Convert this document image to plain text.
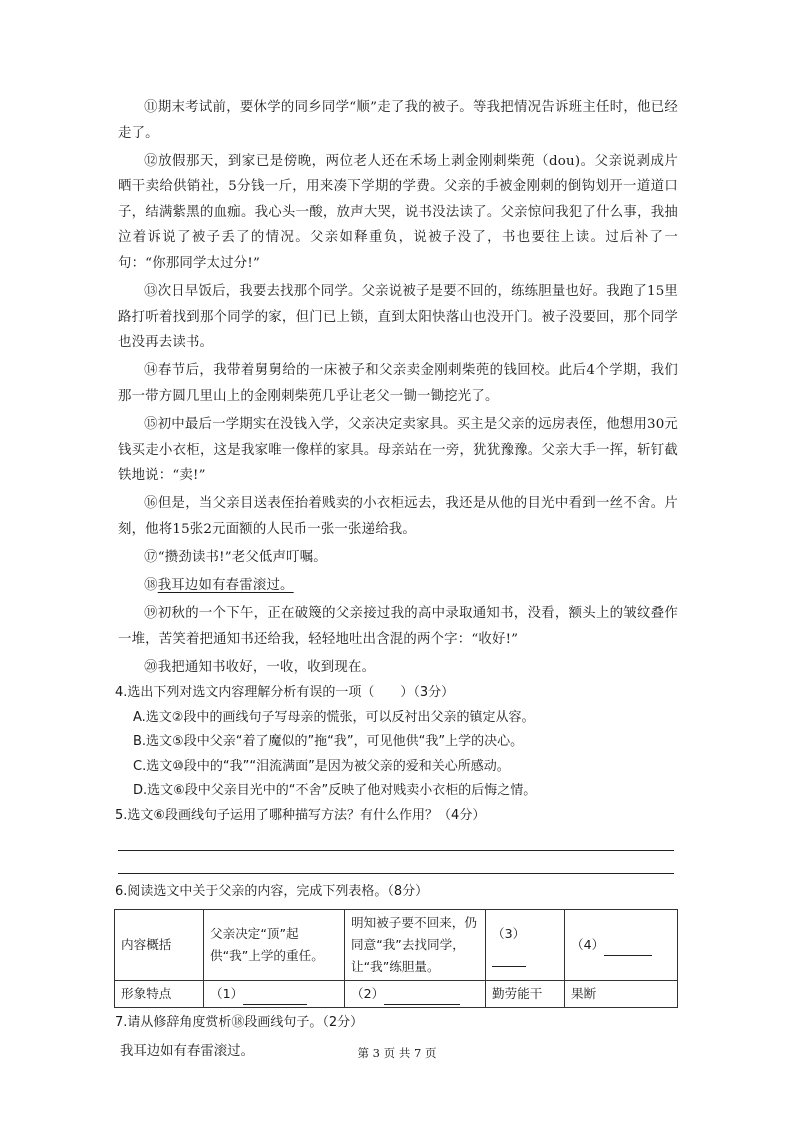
⑪期末考试前，要休学的同乡同学“顺”走了我的被子。等我把情况告诉班主任时，他已经走了。

⑫放假那天，到家已是傍晚，两位老人还在禾场上剥金刚刺柴蔸（dou)。父亲说剥成片晒干卖给供销社，5分钱一斤，用来凑下学期的学费。父亲的手被金刚刺的倒钩划开一道道口子，结满紫黑的血痂。我心头一酸，放声大哭，说书没法读了。父亲惊问我犯了什么事，我抽泣着诉说了被子丢了的情况。父亲如释重负，说被子没了，书也要往上读。过后补了一句：“你那同学太过分!”

⑬次日早饭后，我要去找那个同学。父亲说被子是要不回的，练练胆量也好。我跑了15里路打听着找到那个同学的家，但门已上锁，直到太阳快落山也没开门。被子没要回，那个同学也没再去读书。

⑭春节后，我带着舅舅给的一床被子和父亲卖金刚刺柴蔸的钱回校。此后4个学期，我们那一带方圆几里山上的金刚刺柴蔸几乎让老父一锄一锄挖光了。

⑮初中最后一学期实在没钱入学，父亲决定卖家具。买主是父亲的远房表侄，他想用30元钱买走小衣柜，这是我家唯一像样的家具。母亲站在一旁，犹犹豫豫。父亲大手一挥，斩钉截铁地说：“卖!”

⑯但是，当父亲目送表侄抬着贱卖的小衣柜远去，我还是从他的目光中看到一丝不舍。片刻，他将15张2元面额的人民币一张一张递给我。

⑰“攒劲读书!”老父低声叮嘱。

⑱我耳边如有春雷滚过。

⑲初秋的一个下午，正在破篾的父亲接过我的高中录取通知书，没看，额头上的皱纹叠作一堆，苦笑着把通知书还给我，轻轻地吐出含混的两个字：“收好!”

⑳我把通知书收好，一收，收到现在。

4.选出下列对选文内容理解分析有误的一项（　　）（3分）

A.选文②段中的画线句子写母亲的慌张，可以反衬出父亲的镇定从容。

B.选文⑤段中父亲“着了魔似的”拖“我”，可见他供“我”上学的决心。

C.选文⑩段中的“我”“泪流满面”是因为被父亲的爱和关心所感动。

D.选文⑥段中父亲目光中的“不舍”反映了他对贱卖小衣柜的后悔之情。

5.选文⑥段画线句子运用了哪种描写方法？有什么作用？（4分）

6.阅读选文中关于父亲的内容，完成下列表格。（8分）

内容概括	父亲决定“顶”起供“我”上学的重任。	明知被子要不回来，仍同意“我”去找同学，让“我”练胆量。	（3）	（4）
形象特点	（1）	（2）	勤劳能干	果断

7.请从修辞角度赏析⑱段画线句子。（2分）

我耳边如有春雷滚过。	第 3 页 共 7 页
